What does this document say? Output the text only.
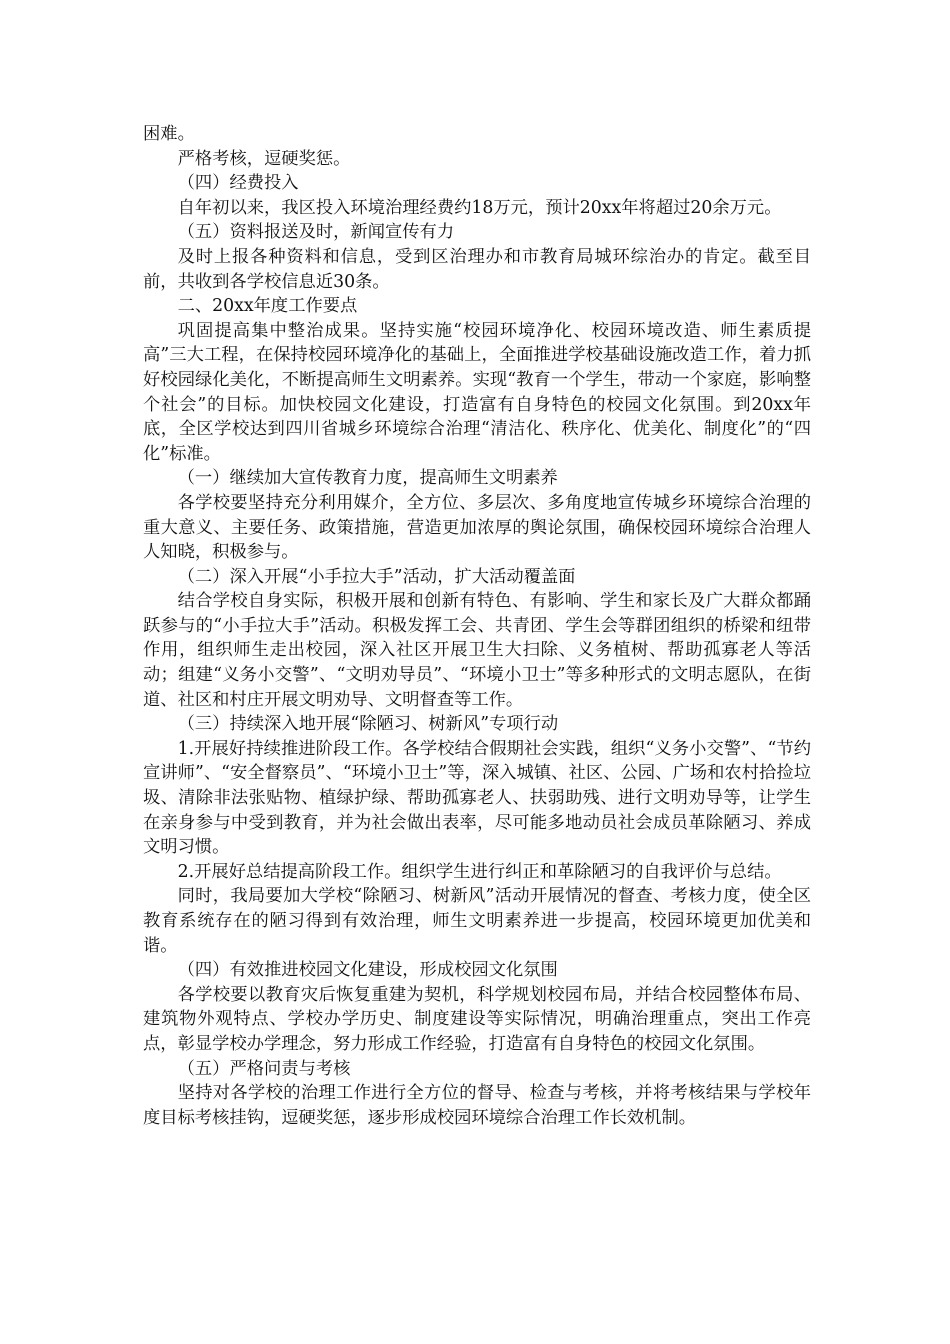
困难。

严格考核，逗硬奖惩。

（四）经费投入

自年初以来，我区投入环境治理经费约18万元，预计20xx年将超过20余万元。

（五）资料报送及时，新闻宣传有力

及时上报各种资料和信息，受到区治理办和市教育局城环综治办的肯定。截至目前，共收到各学校信息近30条。

二、20xx年度工作要点

巩固提高集中整治成果。坚持实施“校园环境净化、校园环境改造、师生素质提高”三大工程，在保持校园环境净化的基础上，全面推进学校基础设施改造工作，着力抓好校园绿化美化，不断提高师生文明素养。实现“教育一个学生，带动一个家庭，影响整个社会”的目标。加快校园文化建设，打造富有自身特色的校园文化氛围。到20xx年底，全区学校达到四川省城乡环境综合治理“清洁化、秩序化、优美化、制度化”的“四化”标准。

（一）继续加大宣传教育力度，提高师生文明素养

各学校要坚持充分利用媒介，全方位、多层次、多角度地宣传城乡环境综合治理的重大意义、主要任务、政策措施，营造更加浓厚的舆论氛围，确保校园环境综合治理人人知晓，积极参与。

（二）深入开展“小手拉大手”活动，扩大活动覆盖面

结合学校自身实际，积极开展和创新有特色、有影响、学生和家长及广大群众都踊跃参与的“小手拉大手”活动。积极发挥工会、共青团、学生会等群团组织的桥梁和纽带作用，组织师生走出校园，深入社区开展卫生大扫除、义务植树、帮助孤寡老人等活动；组建“义务小交警”、“文明劝导员”、“环境小卫士”等多种形式的文明志愿队，在街道、社区和村庄开展文明劝导、文明督查等工作。

（三）持续深入地开展“除陋习、树新风”专项行动

1.开展好持续推进阶段工作。各学校结合假期社会实践，组织“义务小交警”、“节约宣讲师”、“安全督察员”、“环境小卫士”等，深入城镇、社区、公园、广场和农村拾捡垃圾、清除非法张贴物、植绿护绿、帮助孤寡老人、扶弱助残、进行文明劝导等，让学生在亲身参与中受到教育，并为社会做出表率，尽可能多地动员社会成员革除陋习、养成文明习惯。

2.开展好总结提高阶段工作。组织学生进行纠正和革除陋习的自我评价与总结。

同时，我局要加大学校“除陋习、树新风”活动开展情况的督查、考核力度，使全区教育系统存在的陋习得到有效治理，师生文明素养进一步提高，校园环境更加优美和谐。

（四）有效推进校园文化建设，形成校园文化氛围

各学校要以教育灾后恢复重建为契机，科学规划校园布局，并结合校园整体布局、建筑物外观特点、学校办学历史、制度建设等实际情况，明确治理重点，突出工作亮点，彰显学校办学理念，努力形成工作经验，打造富有自身特色的校园文化氛围。

（五）严格问责与考核

坚持对各学校的治理工作进行全方位的督导、检查与考核，并将考核结果与学校年度目标考核挂钩，逗硬奖惩，逐步形成校园环境综合治理工作长效机制。
